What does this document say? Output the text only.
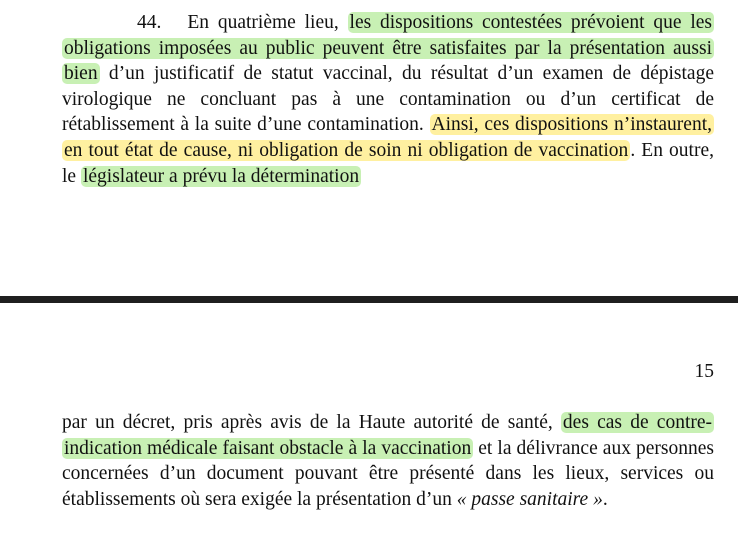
44. En quatrième lieu, les dispositions contestées prévoient que les obligations imposées au public peuvent être satisfaites par la présentation aussi bien d’un justificatif de statut vaccinal, du résultat d’un examen de dépistage virologique ne concluant pas à une contamination ou d’un certificat de rétablissement à la suite d’une contamination. Ainsi, ces dispositions n’instaurent, en tout état de cause, ni obligation de soin ni obligation de vaccination . En outre, le législateur a prévu la détermination

15

par un décret, pris après avis de la Haute autorité de santé, des cas de contre-indication médicale faisant obstacle à la vaccination et la délivrance aux personnes concernées d’un document pouvant être présenté dans les lieux, services ou établissements où sera exigée la présentation d’un « passe sanitaire ».
